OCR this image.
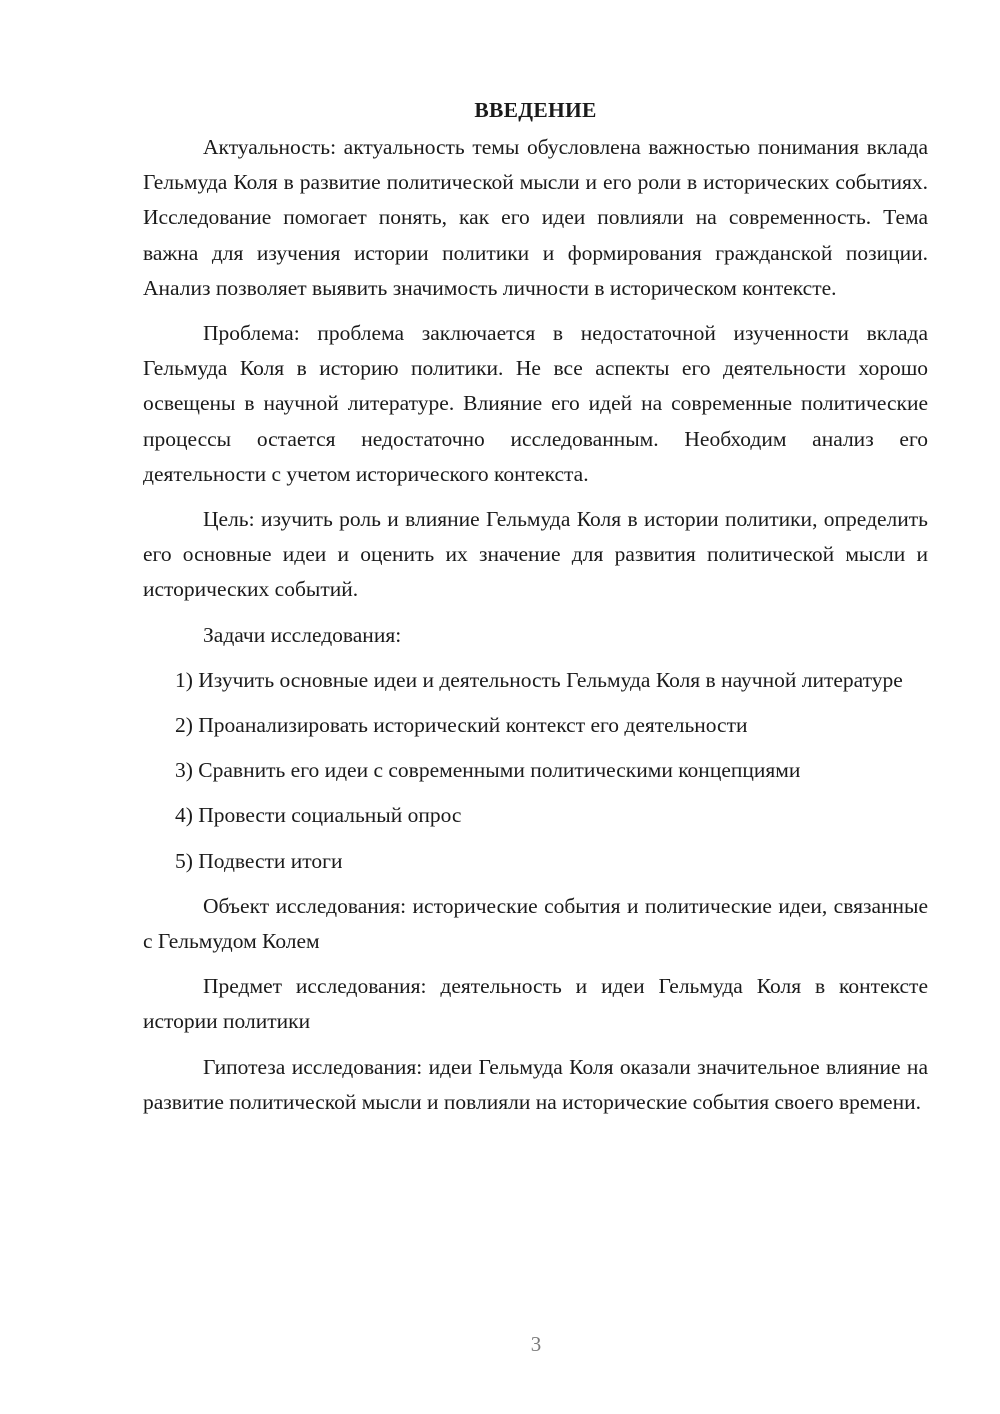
ВВЕДЕНИЕ

Актуальность: актуальность темы обусловлена важностью понимания вклада Гельмуда Коля в развитие политической мысли и его роли в исторических событиях. Исследование помогает понять, как его идеи повлияли на современность. Тема важна для изучения истории политики и формирования гражданской позиции. Анализ позволяет выявить значимость личности в историческом контексте.

Проблема: проблема заключается в недостаточной изученности вклада Гельмуда Коля в историю политики. Не все аспекты его деятельности хорошо освещены в научной литературе. Влияние его идей на современные политические процессы остается недостаточно исследованным. Необходим анализ его деятельности с учетом исторического контекста.

Цель: изучить роль и влияние Гельмуда Коля в истории политики, определить его основные идеи и оценить их значение для развития политической мысли и исторических событий.

Задачи исследования:

1) Изучить основные идеи и деятельность Гельмуда Коля в научной литературе

2) Проанализировать исторический контекст его деятельности

3) Сравнить его идеи с современными политическими концепциями

4) Провести социальный опрос

5) Подвести итоги

Объект исследования: исторические события и политические идеи, связанные с Гельмудом Колем

Предмет исследования: деятельность и идеи Гельмуда Коля в контексте истории политики

Гипотеза исследования: идеи Гельмуда Коля оказали значительное влияние на развитие политической мысли и повлияли на исторические события своего времени.

3
